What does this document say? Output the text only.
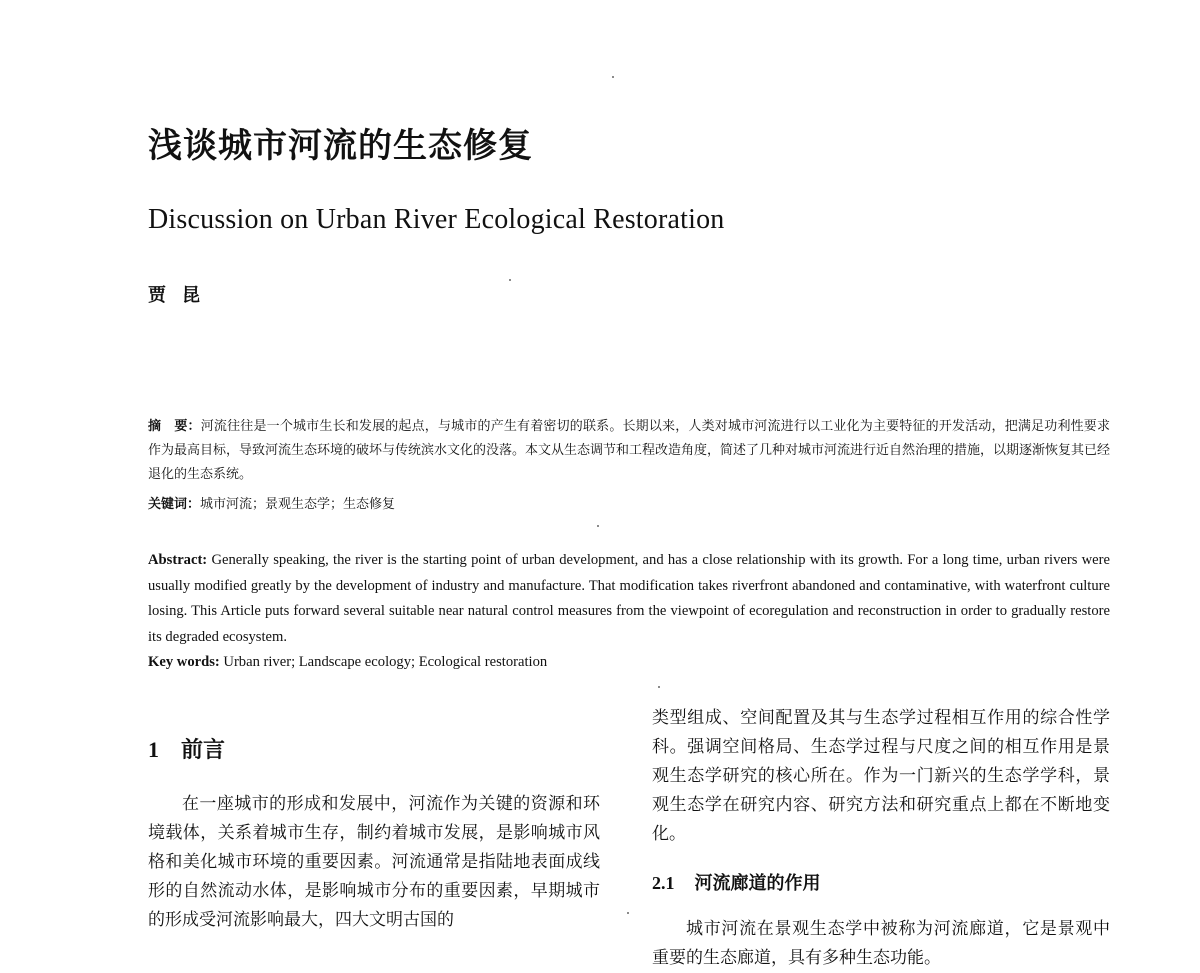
浅谈城市河流的生态修复
Discussion on Urban River Ecological Restoration
贾 昆
摘　要：河流往往是一个城市生长和发展的起点，与城市的产生有着密切的联系。长期以来，人类对城市河流进行以工业化为主要特征的开发活动，把满足功利性要求作为最高目标，导致河流生态环境的破坏与传统滨水文化的没落。本文从生态调节和工程改造角度，简述了几种对城市河流进行近自然治理的措施，以期逐渐恢复其已经退化的生态系统。
关键词：城市河流；景观生态学；生态修复
Abstract: Generally speaking, the river is the starting point of urban development, and has a close relationship with its growth. For a long time, urban rivers were usually modified greatly by the development of industry and manufacture. That modification takes riverfront abandoned and contaminative, with waterfront culture losing. This Article puts forward several suitable near natural control measures from the viewpoint of ecoregulation and reconstruction in order to gradually restore its degraded ecosystem.
Key words: Urban river; Landscape ecology; Ecological restoration
1 前言

在一座城市的形成和发展中，河流作为关键的资源和环境载体，关系着城市生存，制约着城市发展，是影响城市风格和美化城市环境的重要因素。河流通常是指陆地表面成线形的自然流动水体，是影响城市分布的重要因素，早期城市的形成受河流影响最大，四大文明古国的

类型组成、空间配置及其与生态学过程相互作用的综合性学科。强调空间格局、生态学过程与尺度之间的相互作用是景观生态学研究的核心所在。作为一门新兴的生态学学科，景观生态学在研究内容、研究方法和研究重点上都在不断地变化。

2.1 河流廊道的作用

城市河流在景观生态学中被称为河流廊道，它是景观中重要的生态廊道，具有多种生态功能。
